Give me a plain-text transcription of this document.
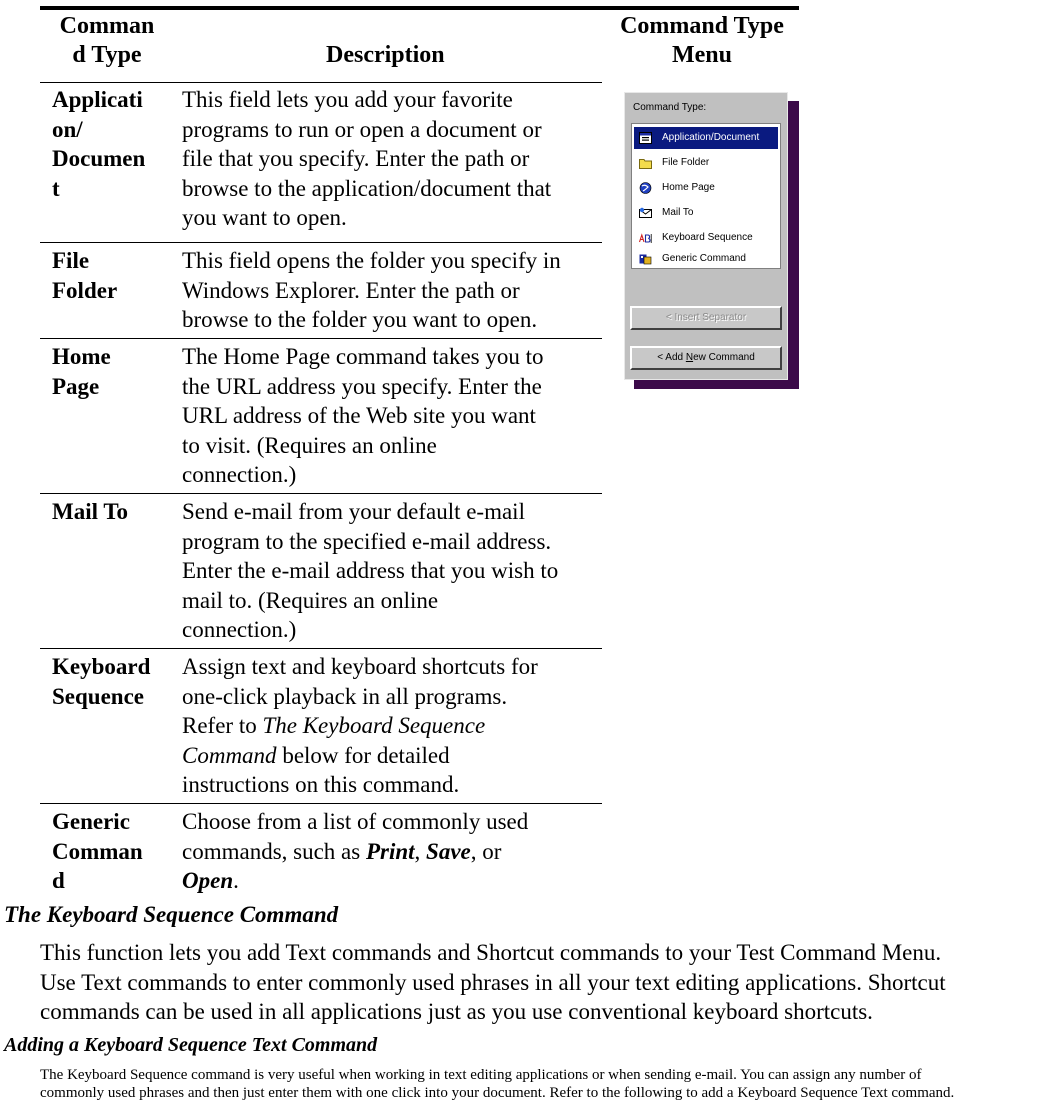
Comman
d Type	Description
Command Type
Menu
Applicati
on/
Documen
t
This field lets you add your favorite
programs to run or open a document or
file that you specify. Enter the path or
browse to the application/document that
you want to open.
File
Folder
This field opens the folder you specify in
Windows Explorer. Enter the path or
browse to the folder you want to open.
Home
Page
The Home Page command takes you to
the URL address you specify. Enter the
URL address of the Web site you want
to visit. (Requires an online
connection.)
Mail To Send e-mail from your default e-mail
program to the specified e-mail address.
Enter the e-mail address that you wish to
mail to. (Requires an online
connection.)
Keyboard
Sequence
Assign text and keyboard shortcuts for
one-click playback in all programs.
Refer to The Keyboard Sequence
Command below for detailed
instructions on this command.
Generic
Comman
d
Choose from a list of commonly used
commands, such as Print, Save, or
Open.
Command Type:
Application/Document
File Folder
Home Page
Mail To
Keyboard Sequence
Generic Command
< Insert Separator
< Add New Command
The Keyboard Sequence Command
This function lets you add Text commands and Shortcut commands to your Test Command Menu.
Use Text commands to enter commonly used phrases in all your text editing applications. Shortcut
commands can be used in all applications just as you use conventional keyboard shortcuts.
Adding a Keyboard Sequence Text Command
The Keyboard Sequence command is very useful when working in text editing applications or when sending e-mail. You can assign any number of
commonly used phrases and then just enter them with one click into your document. Refer to the following to add a Keyboard Sequence Text command.
